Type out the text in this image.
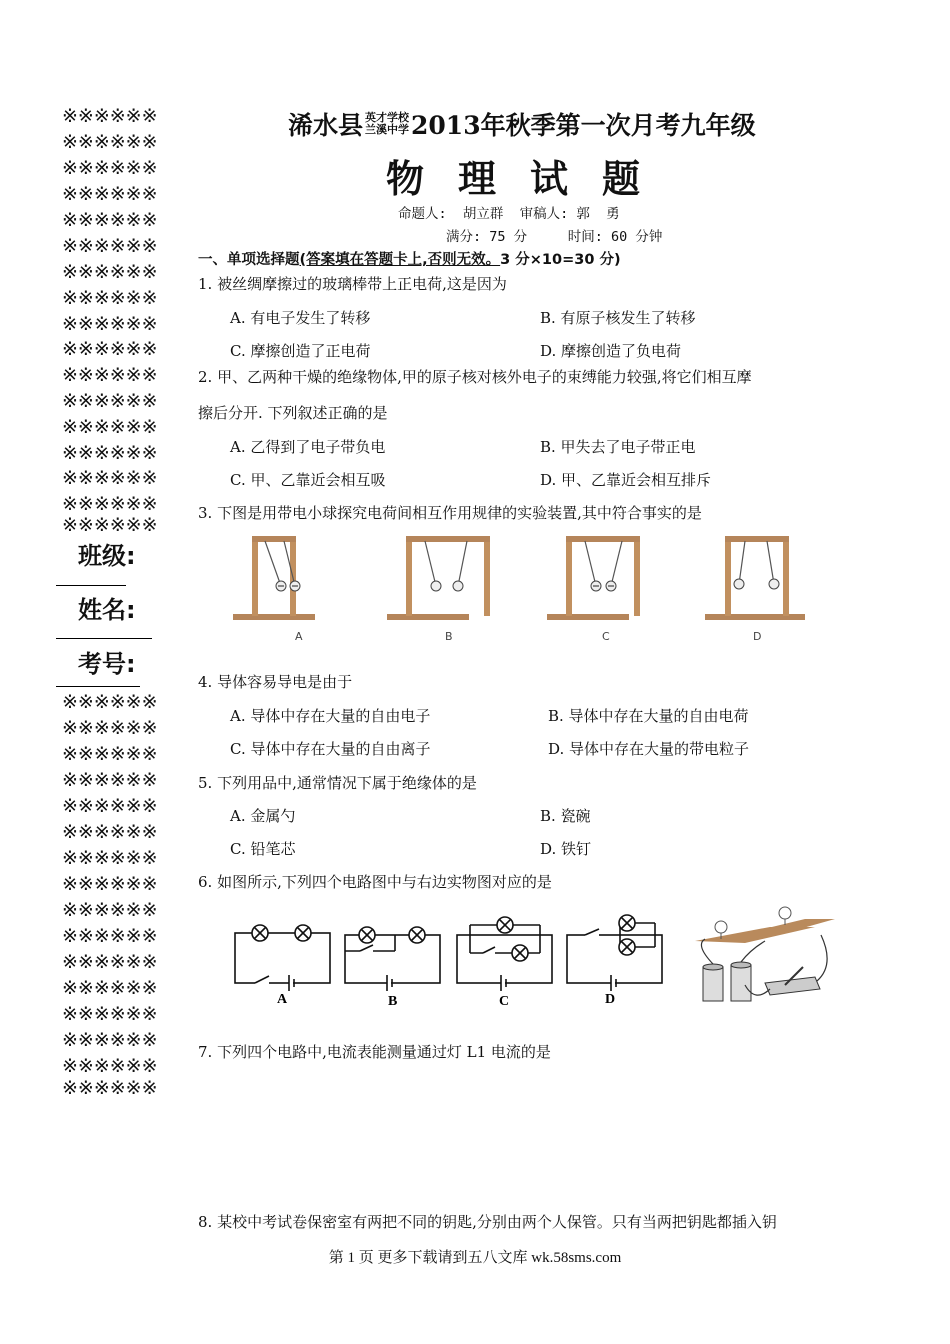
※※※※※※
※※※※※※
※※※※※※
※※※※※※
※※※※※※
※※※※※※
※※※※※※
※※※※※※
※※※※※※
※※※※※※
※※※※※※
※※※※※※
※※※※※※
※※※※※※
※※※※※※
※※※※※※
※※※※※※
班级:
姓名:
考号:
※※※※※※
※※※※※※
※※※※※※
※※※※※※
※※※※※※
※※※※※※
※※※※※※
※※※※※※
※※※※※※
※※※※※※
※※※※※※
※※※※※※
※※※※※※
※※※※※※
※※※※※※
※※※※※※
浠水县 英才学校
兰溪中学 2013年秋季第一次月考九年级
物理试题
命题人:  胡立群  审稿人: 郭  勇
满分: 75 分     时间: 60 分钟
一、单项选择题(答案填在答题卡上,否则无效。3 分×10=30 分)
1. 被丝绸摩擦过的玻璃棒带上正电荷,这是因为
A. 有电子发生了转移	B. 有原子核发生了转移
C. 摩擦创造了正电荷	D. 摩擦创造了负电荷
2. 甲、乙两种干燥的绝缘物体,甲的原子核对核外电子的束缚能力较强,将它们相互摩
擦后分开. 下列叙述正确的是
A. 乙得到了电子带负电	B. 甲失去了电子带正电
C. 甲、乙靠近会相互吸	D. 甲、乙靠近会相互排斥
3. 下图是用带电小球探究电荷间相互作用规律的实验装置,其中符合事实的是
A	B	C	D
4. 导体容易导电是由于
A. 导体中存在大量的自由电子	B. 导体中存在大量的自由电荷
C. 导体中存在大量的自由离子	D. 导体中存在大量的带电粒子
5. 下列用品中,通常情况下属于绝缘体的是
A. 金属勺	B. 瓷碗
C. 铅笔芯	D. 铁钉
6. 如图所示,下列四个电路图中与右边实物图对应的是
A	B	C	D
7. 下列四个电路中,电流表能测量通过灯 L1 电流的是
8. 某校中考试卷保密室有两把不同的钥匙,分别由两个人保管。只有当两把钥匙都插入钥
第 1 页 更多下载请到五八文库 wk.58sms.com
